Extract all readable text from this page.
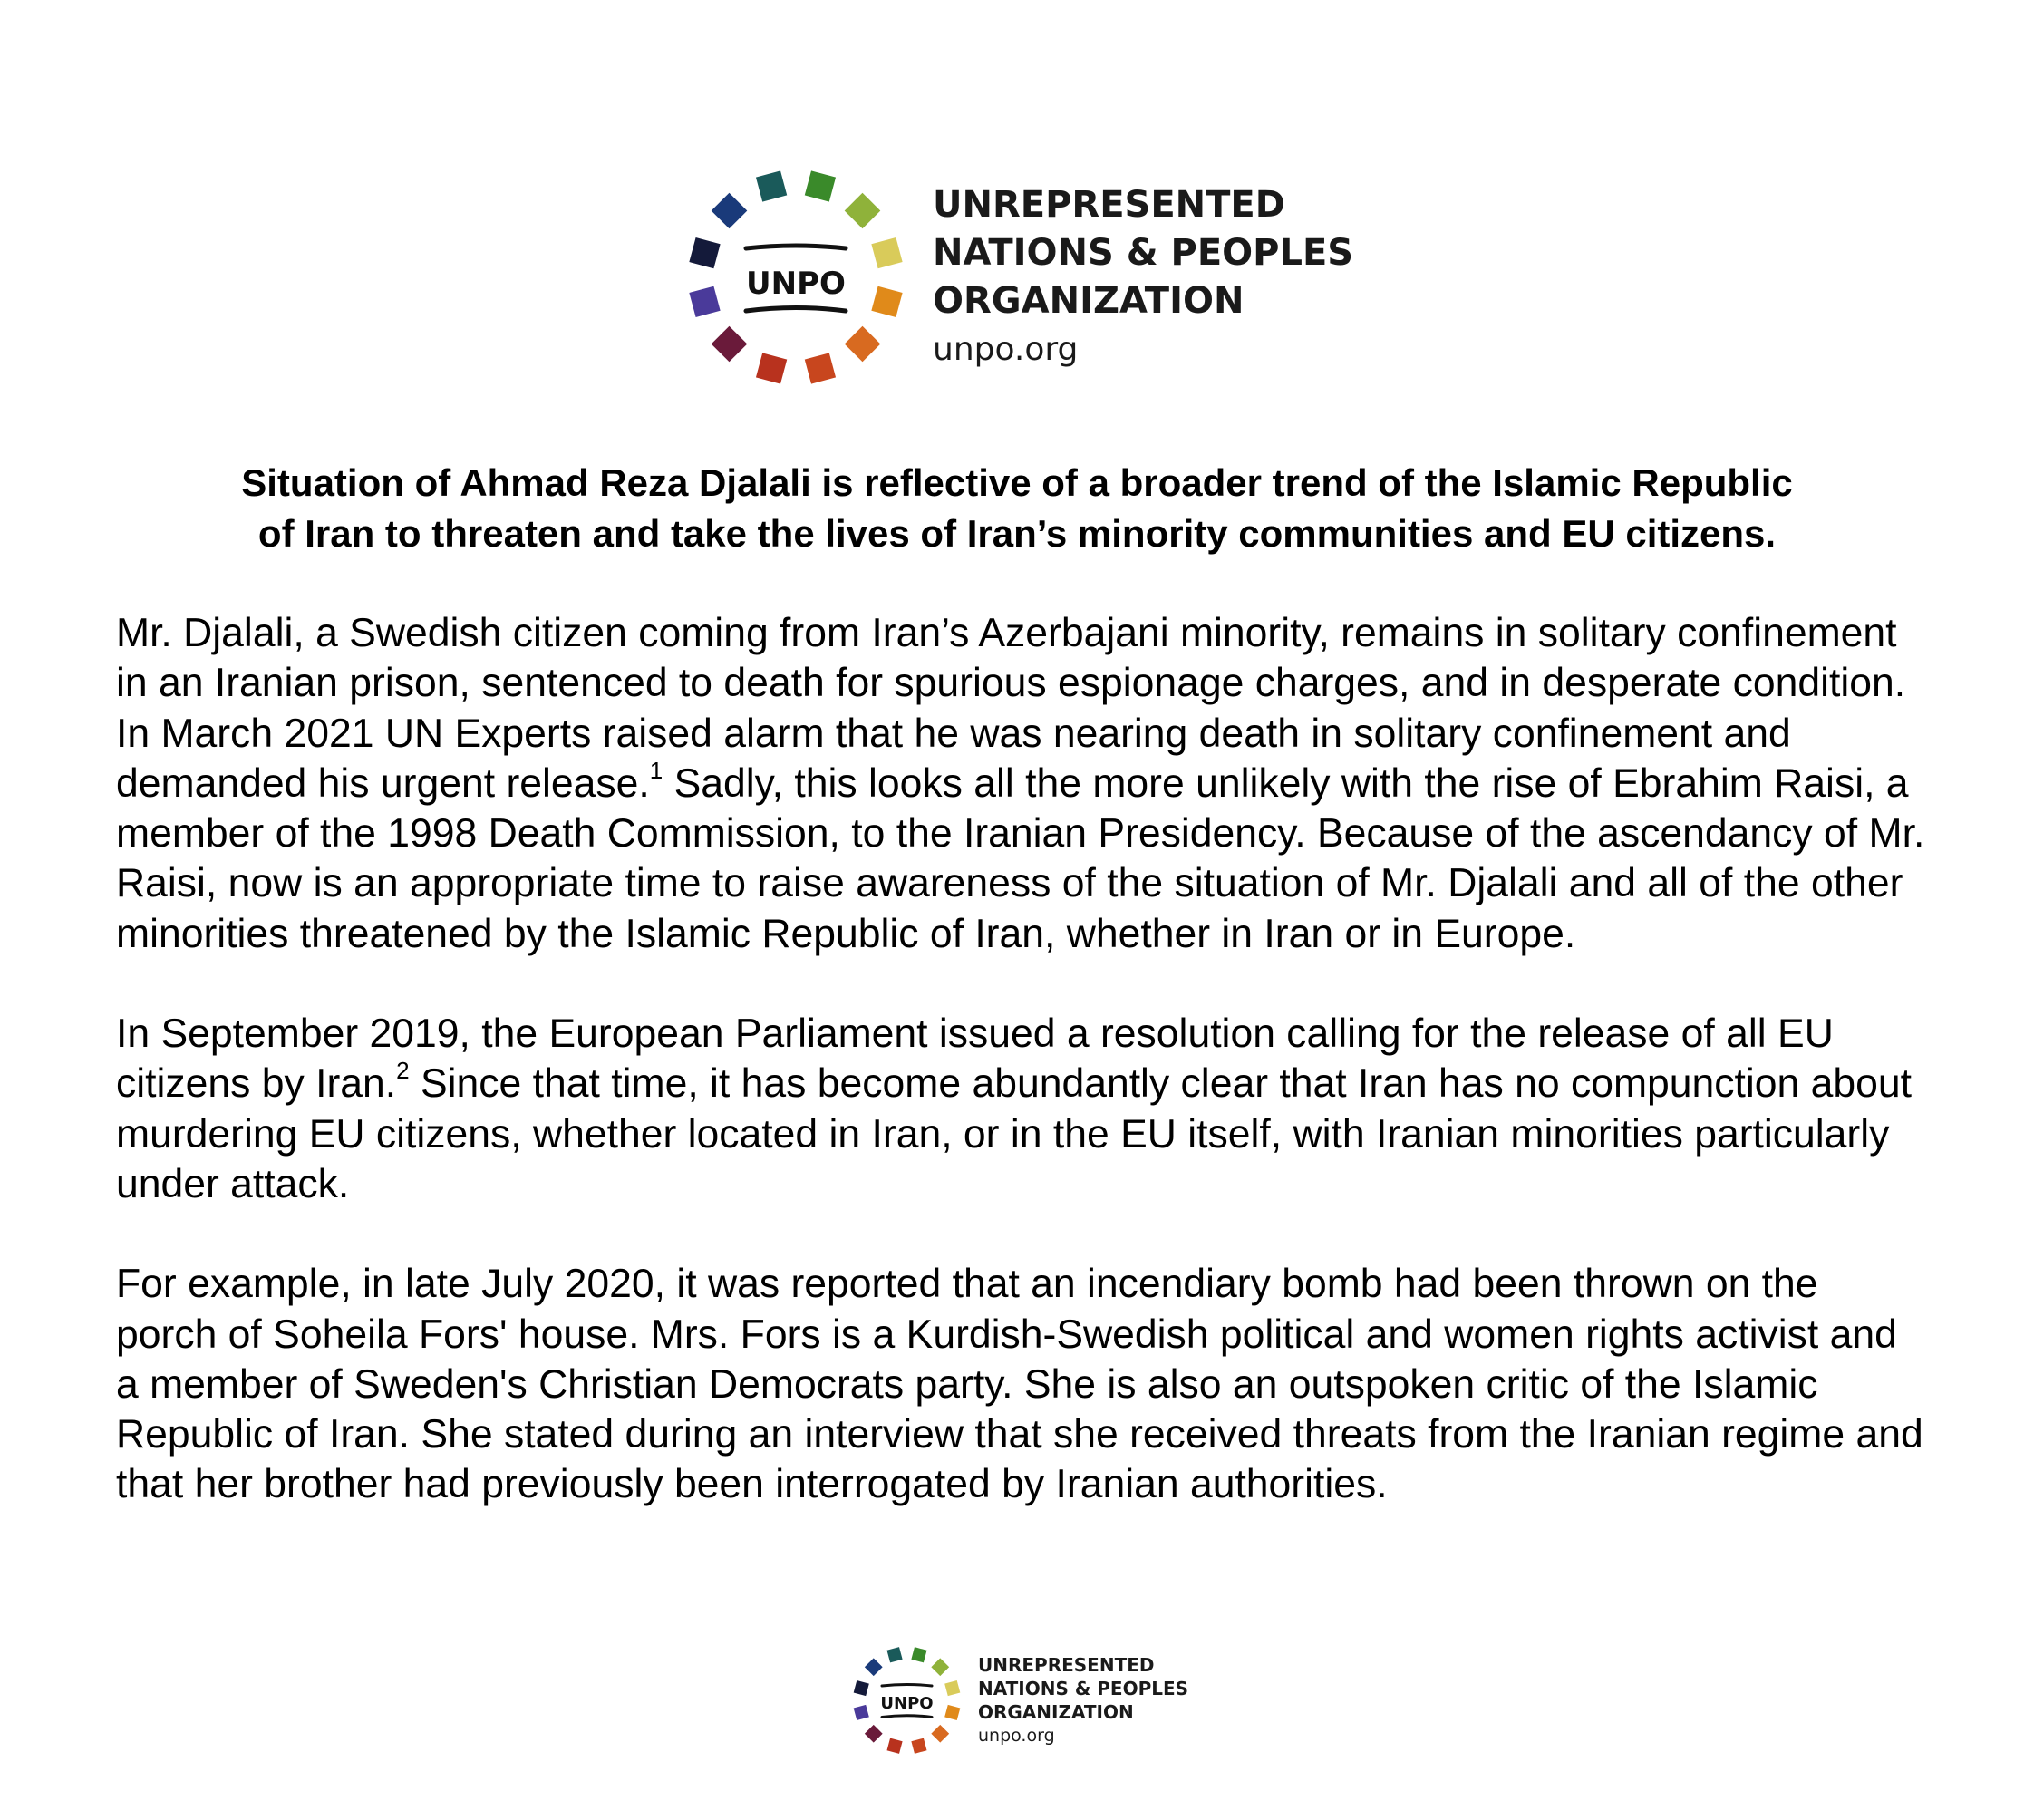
UNPO
UNREPRESENTED
NATIONS & PEOPLES
ORGANIZATION
unpo.org
Situation of Ahmad Reza Djalali is reflective of a broader trend of the Islamic Republic
of Iran to threaten and take the lives of Iran’s minority communities and EU citizens.

Mr. Djalali, a Swedish citizen coming from Iran’s Azerbajani minority, remains in solitary confinement in an Iranian prison, sentenced to death for spurious espionage charges, and in desperate condition. In March 2021 UN Experts raised alarm that he was nearing death in solitary confinement and demanded his urgent release.$^1$ Sadly, this looks all the more unlikely with the rise of Ebrahim Raisi, a member of the 1998 Death Commission, to the Iranian Presidency. Because of the ascendancy of Mr. Raisi, now is an appropriate time to raise awareness of the situation of Mr. Djalali and all of the other minorities threatened by the Islamic Republic of Iran, whether in Iran or in Europe.

In September 2019, the European Parliament issued a resolution calling for the release of all EU citizens by Iran.$^2$ Since that time, it has become abundantly clear that Iran has no compunction about murdering EU citizens, whether located in Iran, or in the EU itself, with Iranian minorities particularly under attack.

For example, in late July 2020, it was reported that an incendiary bomb had been thrown on the porch of Soheila Fors' house. Mrs. Fors is a Kurdish-Swedish political and women rights activist and a member of Sweden's Christian Democrats party. She is also an outspoken critic of the Islamic Republic of Iran. She stated during an interview that she received threats from the Iranian regime and that her brother had previously been interrogated by Iranian authorities.

UNPO
UNREPRESENTED
NATIONS & PEOPLES
ORGANIZATION
unpo.org
